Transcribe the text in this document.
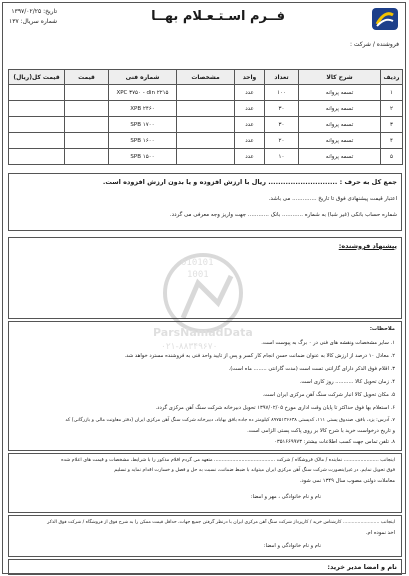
فــرم اسـتـعـلام بهــا
تاریخ: ۱۳۹۷/۰۲/۲۵
شماره سریال: ۱۳۷
فروشنده / شرکت :
ردیف	شرح کالا	تعداد	واحد	مشخصات	شماره فنی	قیمت	قیمت کل(ریال)
۱	تسمه پروانه	۱۰۰	عدد		XPC ۳۷۵۰ - din ۲۲۱۵		
۲	تسمه پروانه	۳۰	عدد		XPB ۲۴۶۰		
۳	تسمه پروانه	۳۰	عدد		SPB ۱۷۰۰		
۴	تسمه پروانه	۲۰	عدد		SPB ۱۶۰۰		
۵	تسمه پروانه	۱۰	عدد		SPB ۱۵۰۰		
جمع کل به حرف : ............................ ریال با ارزش افزوده و یا بدون ارزش افزوده است.
اعتبار قیمت پیشنهادی فوق تا تاریخ .............. می باشد.
شماره حساب بانکی (غیر شبا) به شماره ............ بانک ............ جهت واریز وجه معرفی می گردد.
پیشنهاد فروشنده:
010101
1001
ParsNamadData
۰۲۱-۸۸۳۴۹۶۷۰
ملاحظات:
۱. سایر مشخصات ونقشه های فنی در ۰ برگ به پیوست است.
۲. معادل ۱۰ درصد از ارزش کالا به عنوان ضمانت حسن انجام کار کسر و پس از تایید واحد فنی به فروشنده مسترد خواهد شد.
۳. اقلام فوق الذکر دارای گارانتی تست است (مدت گارانتی ........ ماه است).
۴. زمان تحویل کالا ........... روز کاری است.
۵. مکان تحویل کالا انبار شرکت سنگ آهن مرکزی ایران است.
۶. استعلام بها فوق حداکثر تا پایان وقت اداری مورخ ۱۳۹۷/۰۲/۰۵ تحویل دبیرخانه شرکت سنگ آهن مرکزی گردد.
۷. آدرس: یزد، بافق، صندوق پستی ۱۱۱، کدپستی ۸۹۷۵۱۳۶۶۳۸ کیلومتر ده جاده بافق بهاباد، دبیرخانه شرکت سنگ آهن مرکزی ایران (دفتر معاونت مالی و بازرگانی) کد
و تاریخ درخواست خرید با شرح کالا بر روی پاکت پستی الزامی است.
۸. تلفن تماس جهت کسب اطلاعات بیشتر: ۰۳۵۱۶۶۹۹۷۳
اینجانب ....................... نماینده / مالک فروشگاه / شرکت ........................................ متعهد می گردم اقلام مذکور را با شرایط، مشخصات و قیمت های اعلام شده
فوق تحویل نمایم. در غیراینصورت شرکت سنگ آهن مرکزی ایران میتواند با ضبط ضمانت، نسبت به حل و فصل و خسارت اقدام نماید و تسلیم
معاملات دولتی مصوب سال ۱۳۴۹ نمی شود.
نام و نام خانوادگی ، مهر و امضا:
اینجانب ......................... کارشناس خرید / کارپرداز شرکت سنگ آهن مرکزی ایران با درنظر گرفتن جمیع جهات، حداقل قیمت ممکن را به شرح فوق از فروشگاه / شرکت فوق الذکر
اخذ نموده ام.
نام و نام خانوادگی و امضا:
نام و امضا مدیر خرید:
